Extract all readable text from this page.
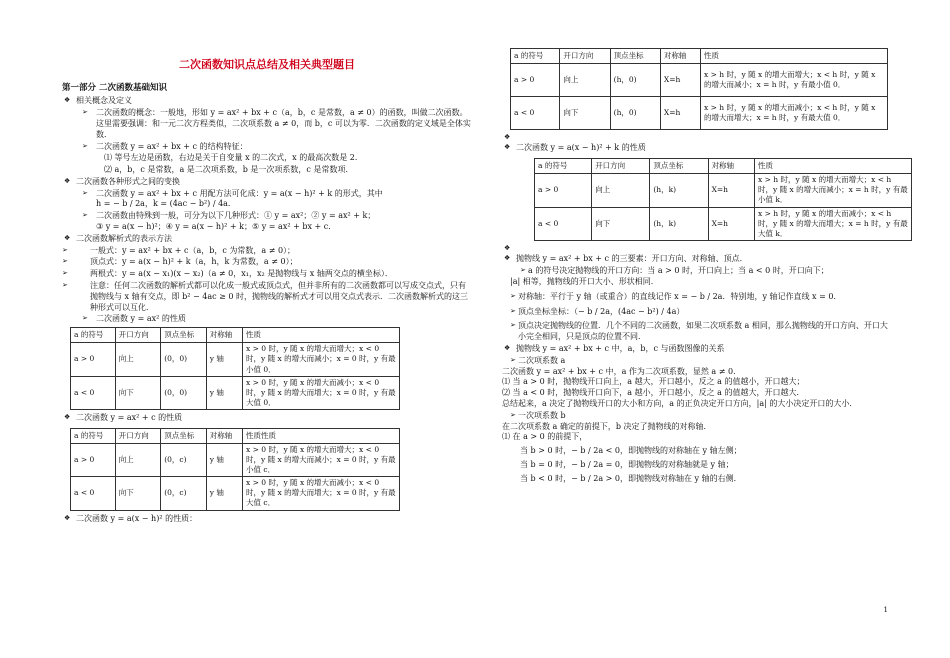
二次函数知识点总结及相关典型题目
第一部分 二次函数基础知识

❖ 相关概念及定义

➢ 二次函数的概念：一般地，形如 y = ax² + bx + c（a，b，c 是常数，a ≠ 0）的函数，叫做二次函数。这里需要强调：和一元二次方程类似，二次项系数 a ≠ 0，而 b，c 可以为零．二次函数的定义域是全体实数．

➢ 二次函数 y = ax² + bx + c 的结构特征：

⑴ 等号左边是函数，右边是关于自变量 x 的二次式，x 的最高次数是 2．

⑵ a，b，c 是常数，a 是二次项系数，b 是一次项系数，c 是常数项．

❖ 二次函数各种形式之间的变换

➢ 二次函数 y = ax² + bx + c 用配方法可化成：y = a(x − h)² + k 的形式，其中

h = − b / 2a，k = (4ac − b²) / 4a．

➢ 二次函数由特殊到一般，可分为以下几种形式：① y = ax²；② y = ax² + k；

③ y = a(x − h)²；④ y = a(x − h)² + k；⑤ y = ax² + bx + c．

❖ 二次函数解析式的表示方法

➢ 一般式：y = ax² + bx + c（a，b，c 为常数，a ≠ 0）；

➢ 顶点式：y = a(x − h)² + k（a，h，k 为常数，a ≠ 0）；

➢ 两根式：y = a(x − x₁)(x − x₂)（a ≠ 0，x₁，x₂ 是抛物线与 x 轴两交点的横坐标）．

➢ 注意：任何二次函数的解析式都可以化成一般式或顶点式，但并非所有的二次函数都可以写成交点式，只有抛物线与 x 轴有交点，即 b² − 4ac ≥ 0 时，抛物线的解析式才可以用交点式表示．二次函数解析式的这三种形式可以互化．

➢ 二次函数 y = ax² 的性质

a 的符号	开口方向	顶点坐标	对称轴	性质
a > 0	向上	(0，0)	y 轴	x > 0 时，y 随 x 的增大而增大；x < 0 时，y 随 x 的增大而减小；x = 0 时，y 有最小值 0．
a < 0	向下	(0，0)	y 轴	x > 0 时，y 随 x 的增大而减小；x < 0 时，y 随 x 的增大而增大；x = 0 时，y 有最大值 0．

❖ 二次函数 y = ax² + c 的性质

a 的符号	开口方向	顶点坐标	对称轴	性质性质
a > 0	向上	(0，c)	y 轴	x > 0 时，y 随 x 的增大而增大；x < 0 时，y 随 x 的增大而减小；x = 0 时，y 有最小值 c．
a < 0	向下	(0，c)	y 轴	x > 0 时，y 随 x 的增大而减小；x < 0 时，y 随 x 的增大而增大；x = 0 时，y 有最大值 c．

❖ 二次函数 y = a(x − h)² 的性质：

a 的符号	开口方向	顶点坐标	对称轴	性质
a > 0	向上	(h，0)	X=h	x > h 时，y 随 x 的增大而增大；x < h 时，y 随 x 的增大而减小；x = h 时，y 有最小值 0．
a < 0	向下	(h，0)	X=h	x > h 时，y 随 x 的增大而减小；x < h 时，y 随 x 的增大而增大；x = h 时，y 有最大值 0．

❖

❖ 二次函数 y = a(x − h)² + k 的性质

a 的符号	开口方向	顶点坐标	对称轴	性质
a > 0	向上	(h，k)	X=h	x > h 时，y 随 x 的增大而增大；x < h 时，y 随 x 的增大而减小；x = h 时，y 有最小值 k．
a < 0	向下	(h，k)	X=h	x > h 时，y 随 x 的增大而减小；x < h 时，y 随 x 的增大而增大；x = h 时，y 有最大值 k．

❖

❖ 抛物线 y = ax² + bx + c 的三要素：开口方向、对称轴、顶点．

➢ a 的符号决定抛物线的开口方向：当 a > 0 时，开口向上；当 a < 0 时，开口向下；

|a| 相等，抛物线的开口大小、形状相同．

➢ 对称轴：平行于 y 轴（或重合）的直线记作 x = − b / 2a．特别地，y 轴记作直线 x = 0．

➢ 顶点坐标坐标：（− b / 2a，(4ac − b²) / 4a）

➢ 顶点决定抛物线的位置．几个不同的二次函数，如果二次项系数 a 相同，那么抛物线的开口方向、开口大小完全相同，只是顶点的位置不同．

❖ 抛物线 y = ax² + bx + c 中，a，b，c 与函数图像的关系

➢ 二次项系数 a

二次函数 y = ax² + bx + c 中，a 作为二次项系数，显然 a ≠ 0．

⑴ 当 a > 0 时，抛物线开口向上，a 越大，开口越小，反之 a 的值越小，开口越大；

⑵ 当 a < 0 时，抛物线开口向下，a 越小，开口越小，反之 a 的值越大，开口越大．

总结起来，a 决定了抛物线开口的大小和方向，a 的正负决定开口方向，|a| 的大小决定开口的大小．

➢ 一次项系数 b

在二次项系数 a 确定的前提下，b 决定了抛物线的对称轴．

⑴ 在 a > 0 的前提下，

当 b > 0 时，− b / 2a < 0，即抛物线的对称轴在 y 轴左侧；

当 b = 0 时，− b / 2a = 0，即抛物线的对称轴就是 y 轴；

当 b < 0 时，− b / 2a > 0，即抛物线对称轴在 y 轴的右侧．

1
